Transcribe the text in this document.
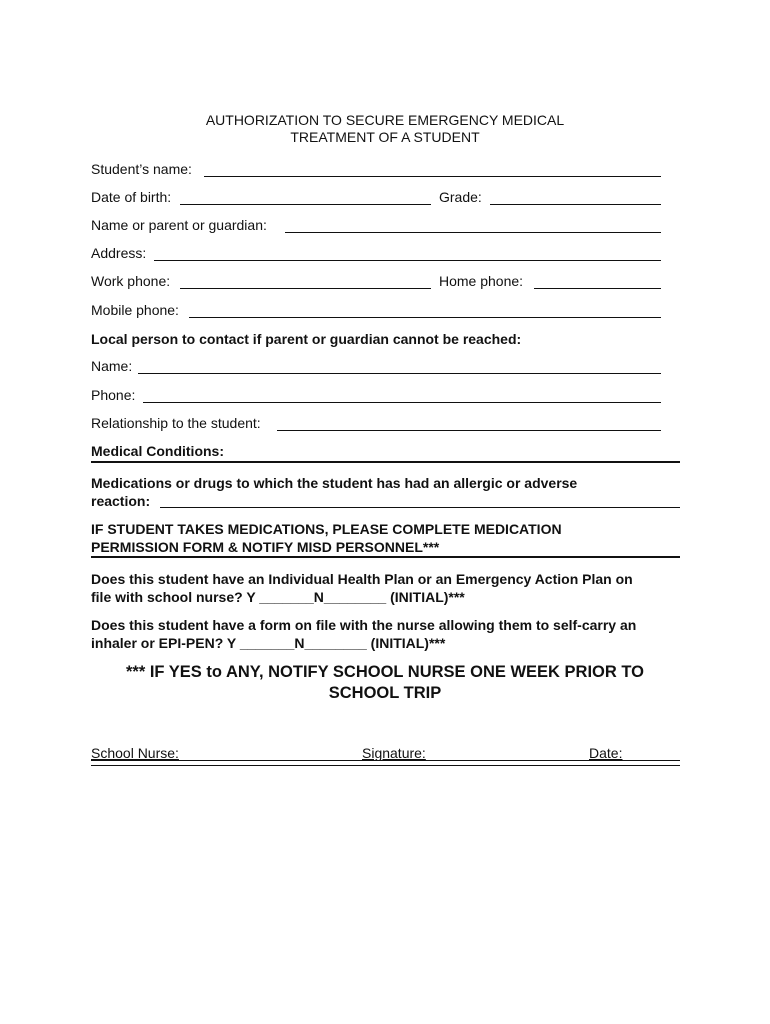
AUTHORIZATION TO SECURE EMERGENCY MEDICAL
TREATMENT OF A STUDENT
Student’s name:
Date of birth:	Grade:
Name or parent or guardian:
Address:
Work phone:	Home phone:
Mobile phone:
Local person to contact if parent or guardian cannot be reached:
Name:
Phone:
Relationship to the student:
Medical Conditions:
Medications or drugs to which the student has had an allergic or adverse
reaction:
IF STUDENT TAKES MEDICATIONS, PLEASE COMPLETE MEDICATION
PERMISSION FORM & NOTIFY MISD PERSONNEL***
Does this student have an Individual Health Plan or an Emergency Action Plan on
file with school nurse? Y _______N________ (INITIAL)***
Does this student have a form on file with the nurse allowing them to self-carry an
inhaler or EPI-PEN? Y _______N________ (INITIAL)***
*** IF YES to ANY, NOTIFY SCHOOL NURSE ONE WEEK PRIOR TO
SCHOOL TRIP
School Nurse:	Signature:	Date:
